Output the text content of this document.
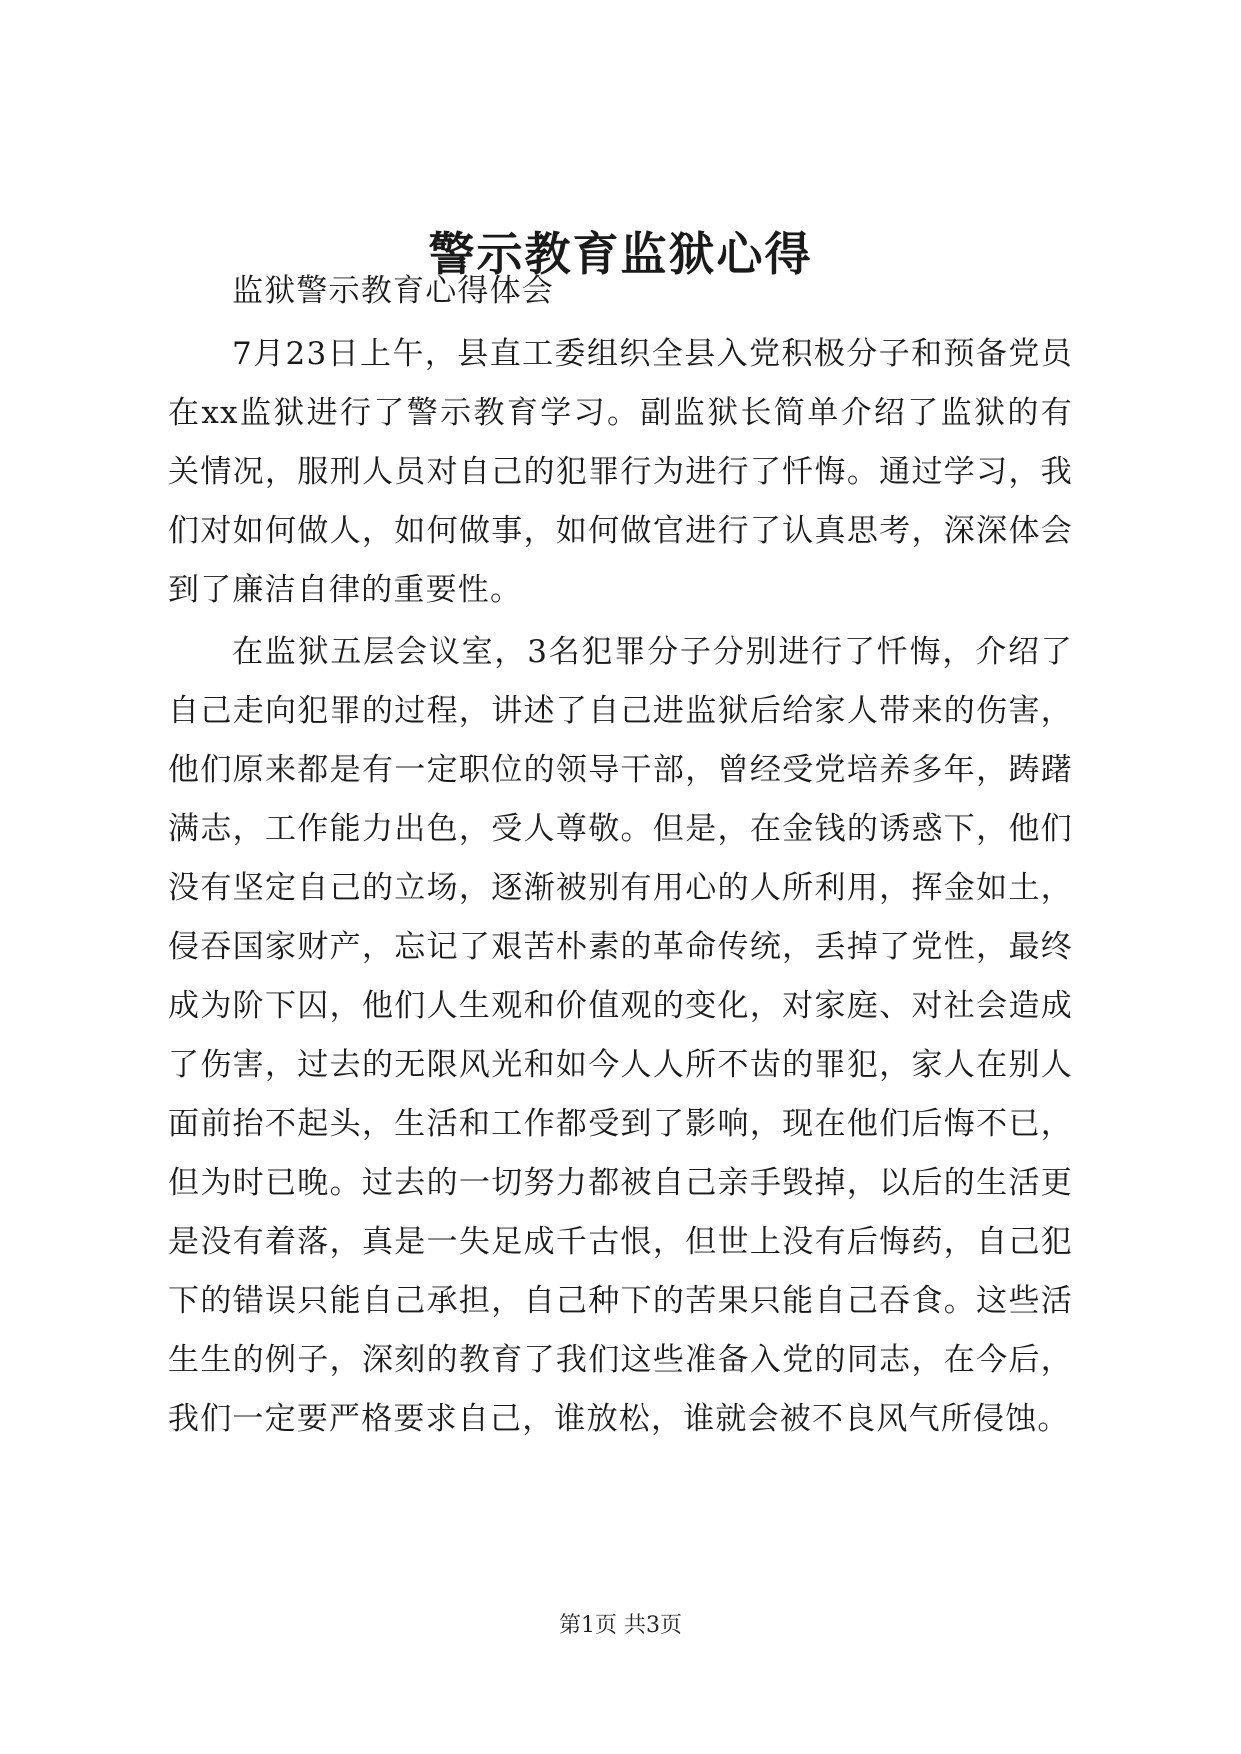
警示教育监狱心得

监狱警示教育心得体会

7月23日上午，县直工委组织全县入党积极分子和预备党员在xx监狱进行了警示教育学习。副监狱长简单介绍了监狱的有关情况，服刑人员对自己的犯罪行为进行了忏悔。通过学习，我们对如何做人，如何做事，如何做官进行了认真思考，深深体会到了廉洁自律的重要性。

在监狱五层会议室，3名犯罪分子分别进行了忏悔，介绍了自己走向犯罪的过程，讲述了自己进监狱后给家人带来的伤害，他们原来都是有一定职位的领导干部，曾经受党培养多年，踌躇满志，工作能力出色，受人尊敬。但是，在金钱的诱惑下，他们没有坚定自己的立场，逐渐被别有用心的人所利用，挥金如土，侵吞国家财产，忘记了艰苦朴素的革命传统，丢掉了党性，最终成为阶下囚，他们人生观和价值观的变化，对家庭、对社会造成了伤害，过去的无限风光和如今人人所不齿的罪犯，家人在别人面前抬不起头，生活和工作都受到了影响，现在他们后悔不已，但为时已晚。过去的一切努力都被自己亲手毁掉，以后的生活更是没有着落，真是一失足成千古恨，但世上没有后悔药，自己犯下的错误只能自己承担，自己种下的苦果只能自己吞食。这些活生生的例子，深刻的教育了我们这些准备入党的同志，在今后，我们一定要严格要求自己，谁放松，谁就会被不良风气所侵蚀。

第1页 共3页
